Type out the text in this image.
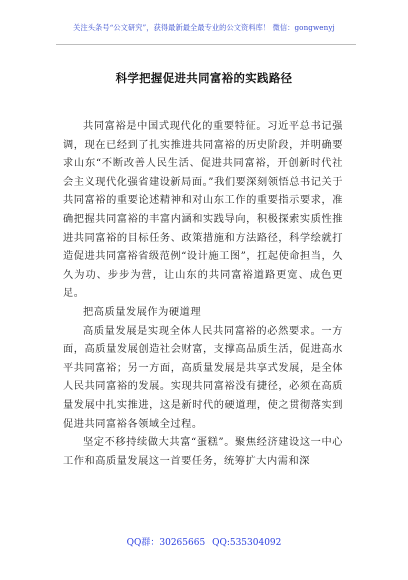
关注头条号“公文研究”，获得最新最全最专业的公文资料库！ 微信：gongwenyj
科学把握促进共同富裕的实践路径

共同富裕是中国式现代化的重要特征。习近平总书记强调，现在已经到了扎实推进共同富裕的历史阶段，并明确要求山东“不断改善人民生活、促进共同富裕，开创新时代社会主义现代化强省建设新局面。”我们要深刻领悟总书记关于共同富裕的重要论述精神和对山东工作的重要指示要求，准确把握共同富裕的丰富内涵和实践导向，积极探索实质性推进共同富裕的目标任务、政策措施和方法路径，科学绘就打造促进共同富裕省级范例“设计施工图”，扛起使命担当，久久为功、步步为营，让山东的共同富裕道路更宽、成色更足。

把高质量发展作为硬道理

高质量发展是实现全体人民共同富裕的必然要求。一方面，高质量发展创造社会财富，支撑高品质生活，促进高水平共同富裕；另一方面，高质量发展是共享式发展，是全体人民共同富裕的发展。实现共同富裕没有捷径，必须在高质量发展中扎实推进，这是新时代的硬道理，使之贯彻落实到促进共同富裕各领域全过程。

坚定不移持续做大共富“蛋糕”。聚焦经济建设这一中心工作和高质量发展这一首要任务，统筹扩大内需和深

QQ群：30265665 QQ:535304092
